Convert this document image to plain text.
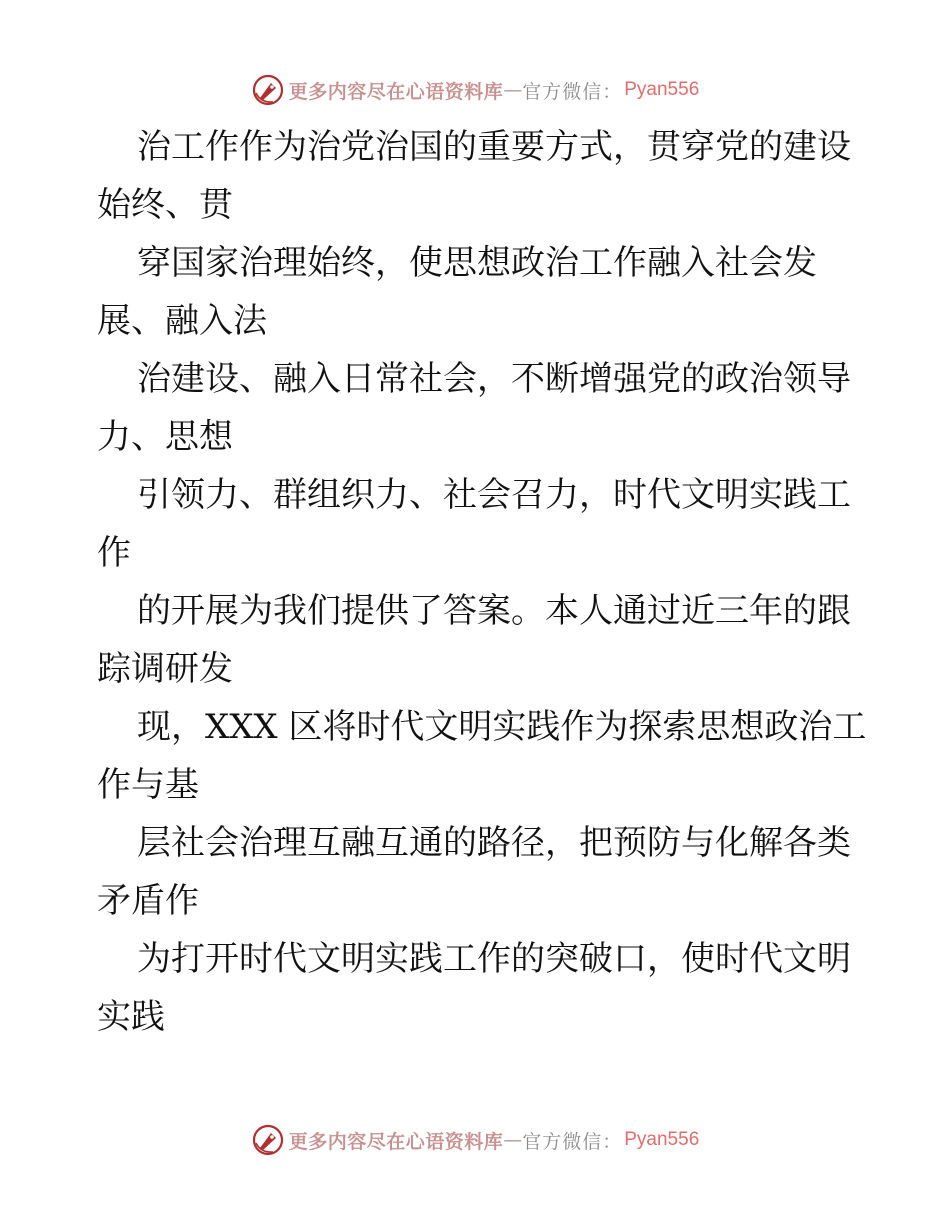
更多内容尽在心语资料库 — 官方微信： Pyan556

治工作作为治党治国的重要方式，贯穿党的建设
始终、贯

穿国家治理始终，使思想政治工作融入社会发
展、融入法

治建设、融入日常社会，不断增强党的政治领导
力、思想

引领力、群组织力、社会召力，时代文明实践工
作

的开展为我们提供了答案。本人通过近三年的跟
踪调研发

现，XXX 区将时代文明实践作为探索思想政治工
作与基

层社会治理互融互通的路径，把预防与化解各类
矛盾作

为打开时代文明实践工作的突破口，使时代文明
实践

更多内容尽在心语资料库 — 官方微信： Pyan556
